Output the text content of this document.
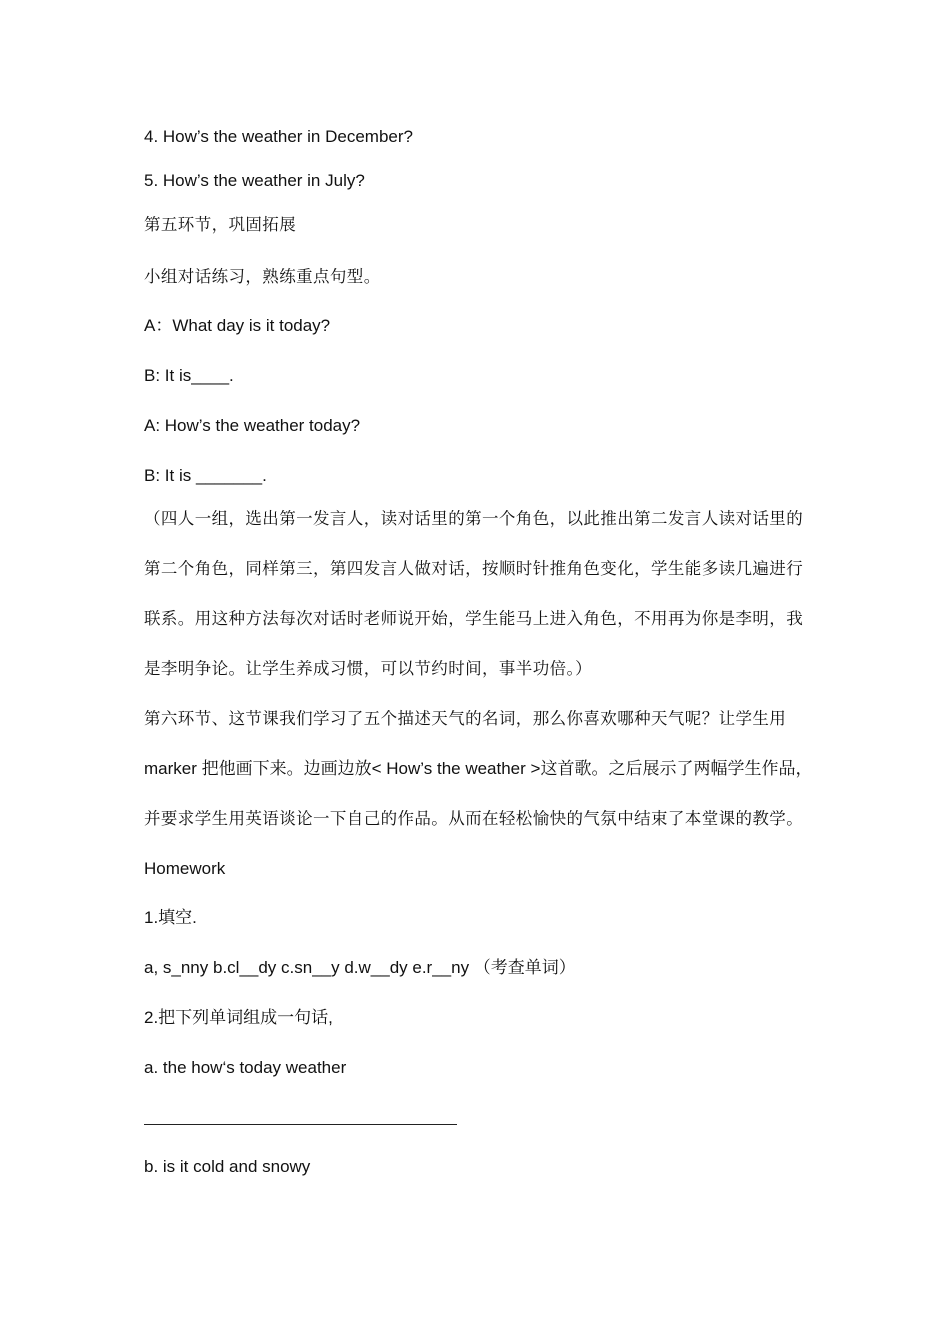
4. How’s the weather in December?
5. How’s the weather in July?
第五环节，巩固拓展
小组对话练习，熟练重点句型。
A：What day is it today?
B: It is____.
A: How’s the weather today?
B: It is _______.
（四人一组，选出第一发言人，读对话里的第一个角色，以此推出第二发言人读对话里的
第二个角色，同样第三，第四发言人做对话，按顺时针推角色变化，学生能多读几遍进行
联系。用这种方法每次对话时老师说开始，学生能马上进入角色，不用再为你是李明，我
是李明争论。让学生养成习惯，可以节约时间，事半功倍。）
第六环节、这节课我们学习了五个描述天气的名词，那么你喜欢哪种天气呢？让学生用
marker 把他画下来。边画边放< How’s the weather >这首歌。之后展示了两幅学生作品，
并要求学生用英语谈论一下自己的作品。从而在轻松愉快的气氛中结束了本堂课的教学。
Homework
1.填空.
a, s_nny b.cl__dy c.sn__y d.w__dy e.r__ny （考查单词）
2.把下列单词组成一句话,
a. the how‘s today weather
b. is it cold and snowy
